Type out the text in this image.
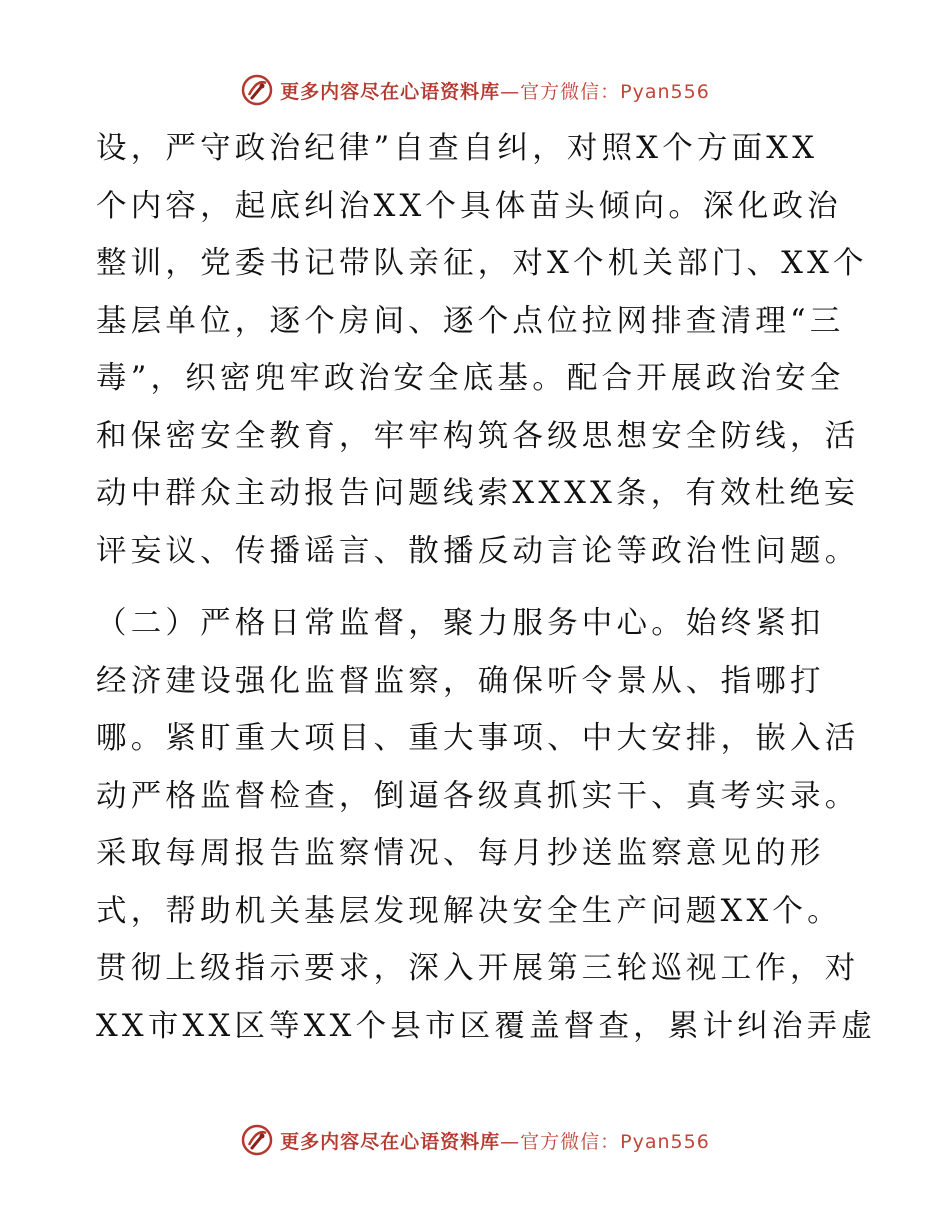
更多内容尽在心语资料库—官方微信：Pyan556

设，严守政治纪律”自查自纠，对照X个方面XX
个内容，起底纠治XX个具体苗头倾向。深化政治
整训，党委书记带队亲征，对X个机关部门、XX个
基层单位，逐个房间、逐个点位拉网排查清理“三
毒”，织密兜牢政治安全底基。配合开展政治安全
和保密安全教育，牢牢构筑各级思想安全防线，活
动中群众主动报告问题线索XXXX条，有效杜绝妄
评妄议、传播谣言、散播反动言论等政治性问题。

（二）严格日常监督，聚力服务中心。始终紧扣
经济建设强化监督监察，确保听令景从、指哪打
哪。紧盯重大项目、重大事项、中大安排，嵌入活
动严格监督检查，倒逼各级真抓实干、真考实录。
采取每周报告监察情况、每月抄送监察意见的形
式，帮助机关基层发现解决安全生产问题XX个。
贯彻上级指示要求，深入开展第三轮巡视工作，对
XX市XX区等XX个县市区覆盖督查，累计纠治弄虚

更多内容尽在心语资料库—官方微信：Pyan556
